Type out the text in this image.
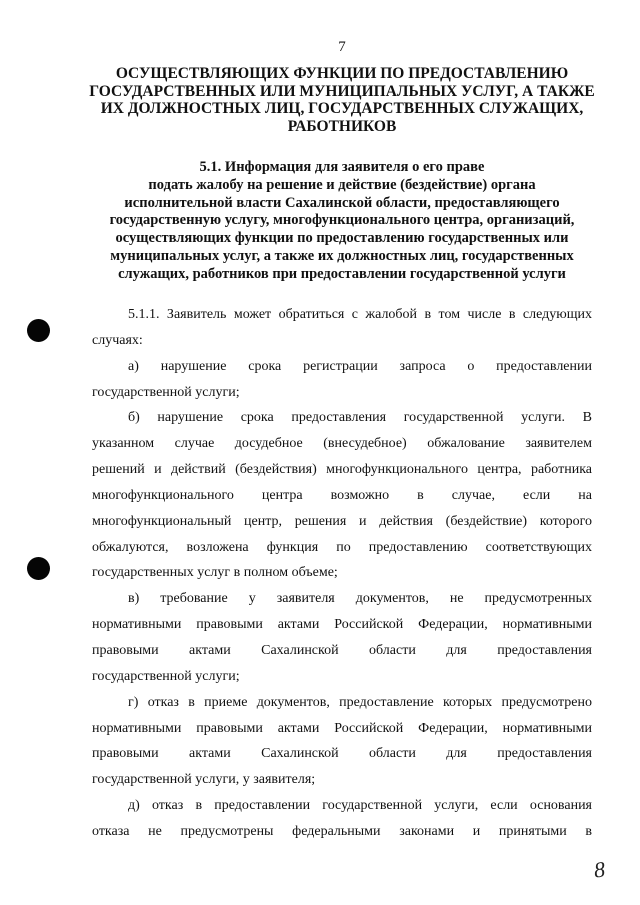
7
ОСУЩЕСТВЛЯЮЩИХ ФУНКЦИИ ПО ПРЕДОСТАВЛЕНИЮ
ГОСУДАРСТВЕННЫХ ИЛИ МУНИЦИПАЛЬНЫХ УСЛУГ, А ТАКЖЕ
ИХ ДОЛЖНОСТНЫХ ЛИЦ, ГОСУДАРСТВЕННЫХ СЛУЖАЩИХ,
РАБОТНИКОВ
5.1. Информация для заявителя о его праве
подать жалобу на решение и действие (бездействие) органа
исполнительной власти Сахалинской области, предоставляющего
государственную услугу, многофункционального центра, организаций,
осуществляющих функции по предоставлению государственных или
муниципальных услуг, а также их должностных лиц, государственных
служащих, работников при предоставлении государственной услуги
5.1.1. Заявитель может обратиться с жалобой в том числе в следующих
случаях:
а) нарушение срока регистрации запроса о предоставлении
государственной услуги;
б) нарушение срока предоставления государственной услуги. В
указанном случае досудебное (внесудебное) обжалование заявителем
решений и действий (бездействия) многофункционального центра, работника
многофункционального центра возможно в случае, если на
многофункциональный центр, решения и действия (бездействие) которого
обжалуются, возложена функция по предоставлению соответствующих
государственных услуг в полном объеме;
в) требование у заявителя документов, не предусмотренных
нормативными правовыми актами Российской Федерации, нормативными
правовыми актами Сахалинской области для предоставления
государственной услуги;
г) отказ в приеме документов, предоставление которых предусмотрено
нормативными правовыми актами Российской Федерации, нормативными
правовыми актами Сахалинской области для предоставления
государственной услуги, у заявителя;
д) отказ в предоставлении государственной услуги, если основания
отказа не предусмотрены федеральными законами и принятыми в
8
